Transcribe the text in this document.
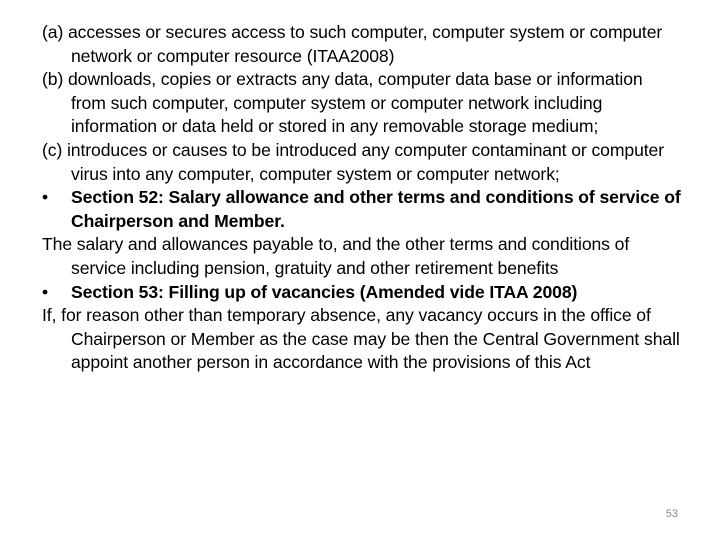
(a) accesses or secures access to such computer, computer system or computer network or computer resource (ITAA2008)

(b) downloads, copies or extracts any data, computer data base or information from such computer, computer system or computer network including information or data held or stored in any removable storage medium;

(c) introduces or causes to be introduced any computer contaminant or computer virus into any computer, computer system or computer network;

•	Section 52: Salary allowance and other terms and conditions of service of Chairperson and Member.

The salary and allowances payable to, and the other terms and conditions of service including pension, gratuity and other retirement benefits

•	Section 53: Filling up of vacancies (Amended vide ITAA 2008)

If, for reason other than temporary absence, any vacancy occurs in the office of Chairperson or Member as the case may be then the Central Government shall appoint another person in accordance with the provisions of this Act

53
